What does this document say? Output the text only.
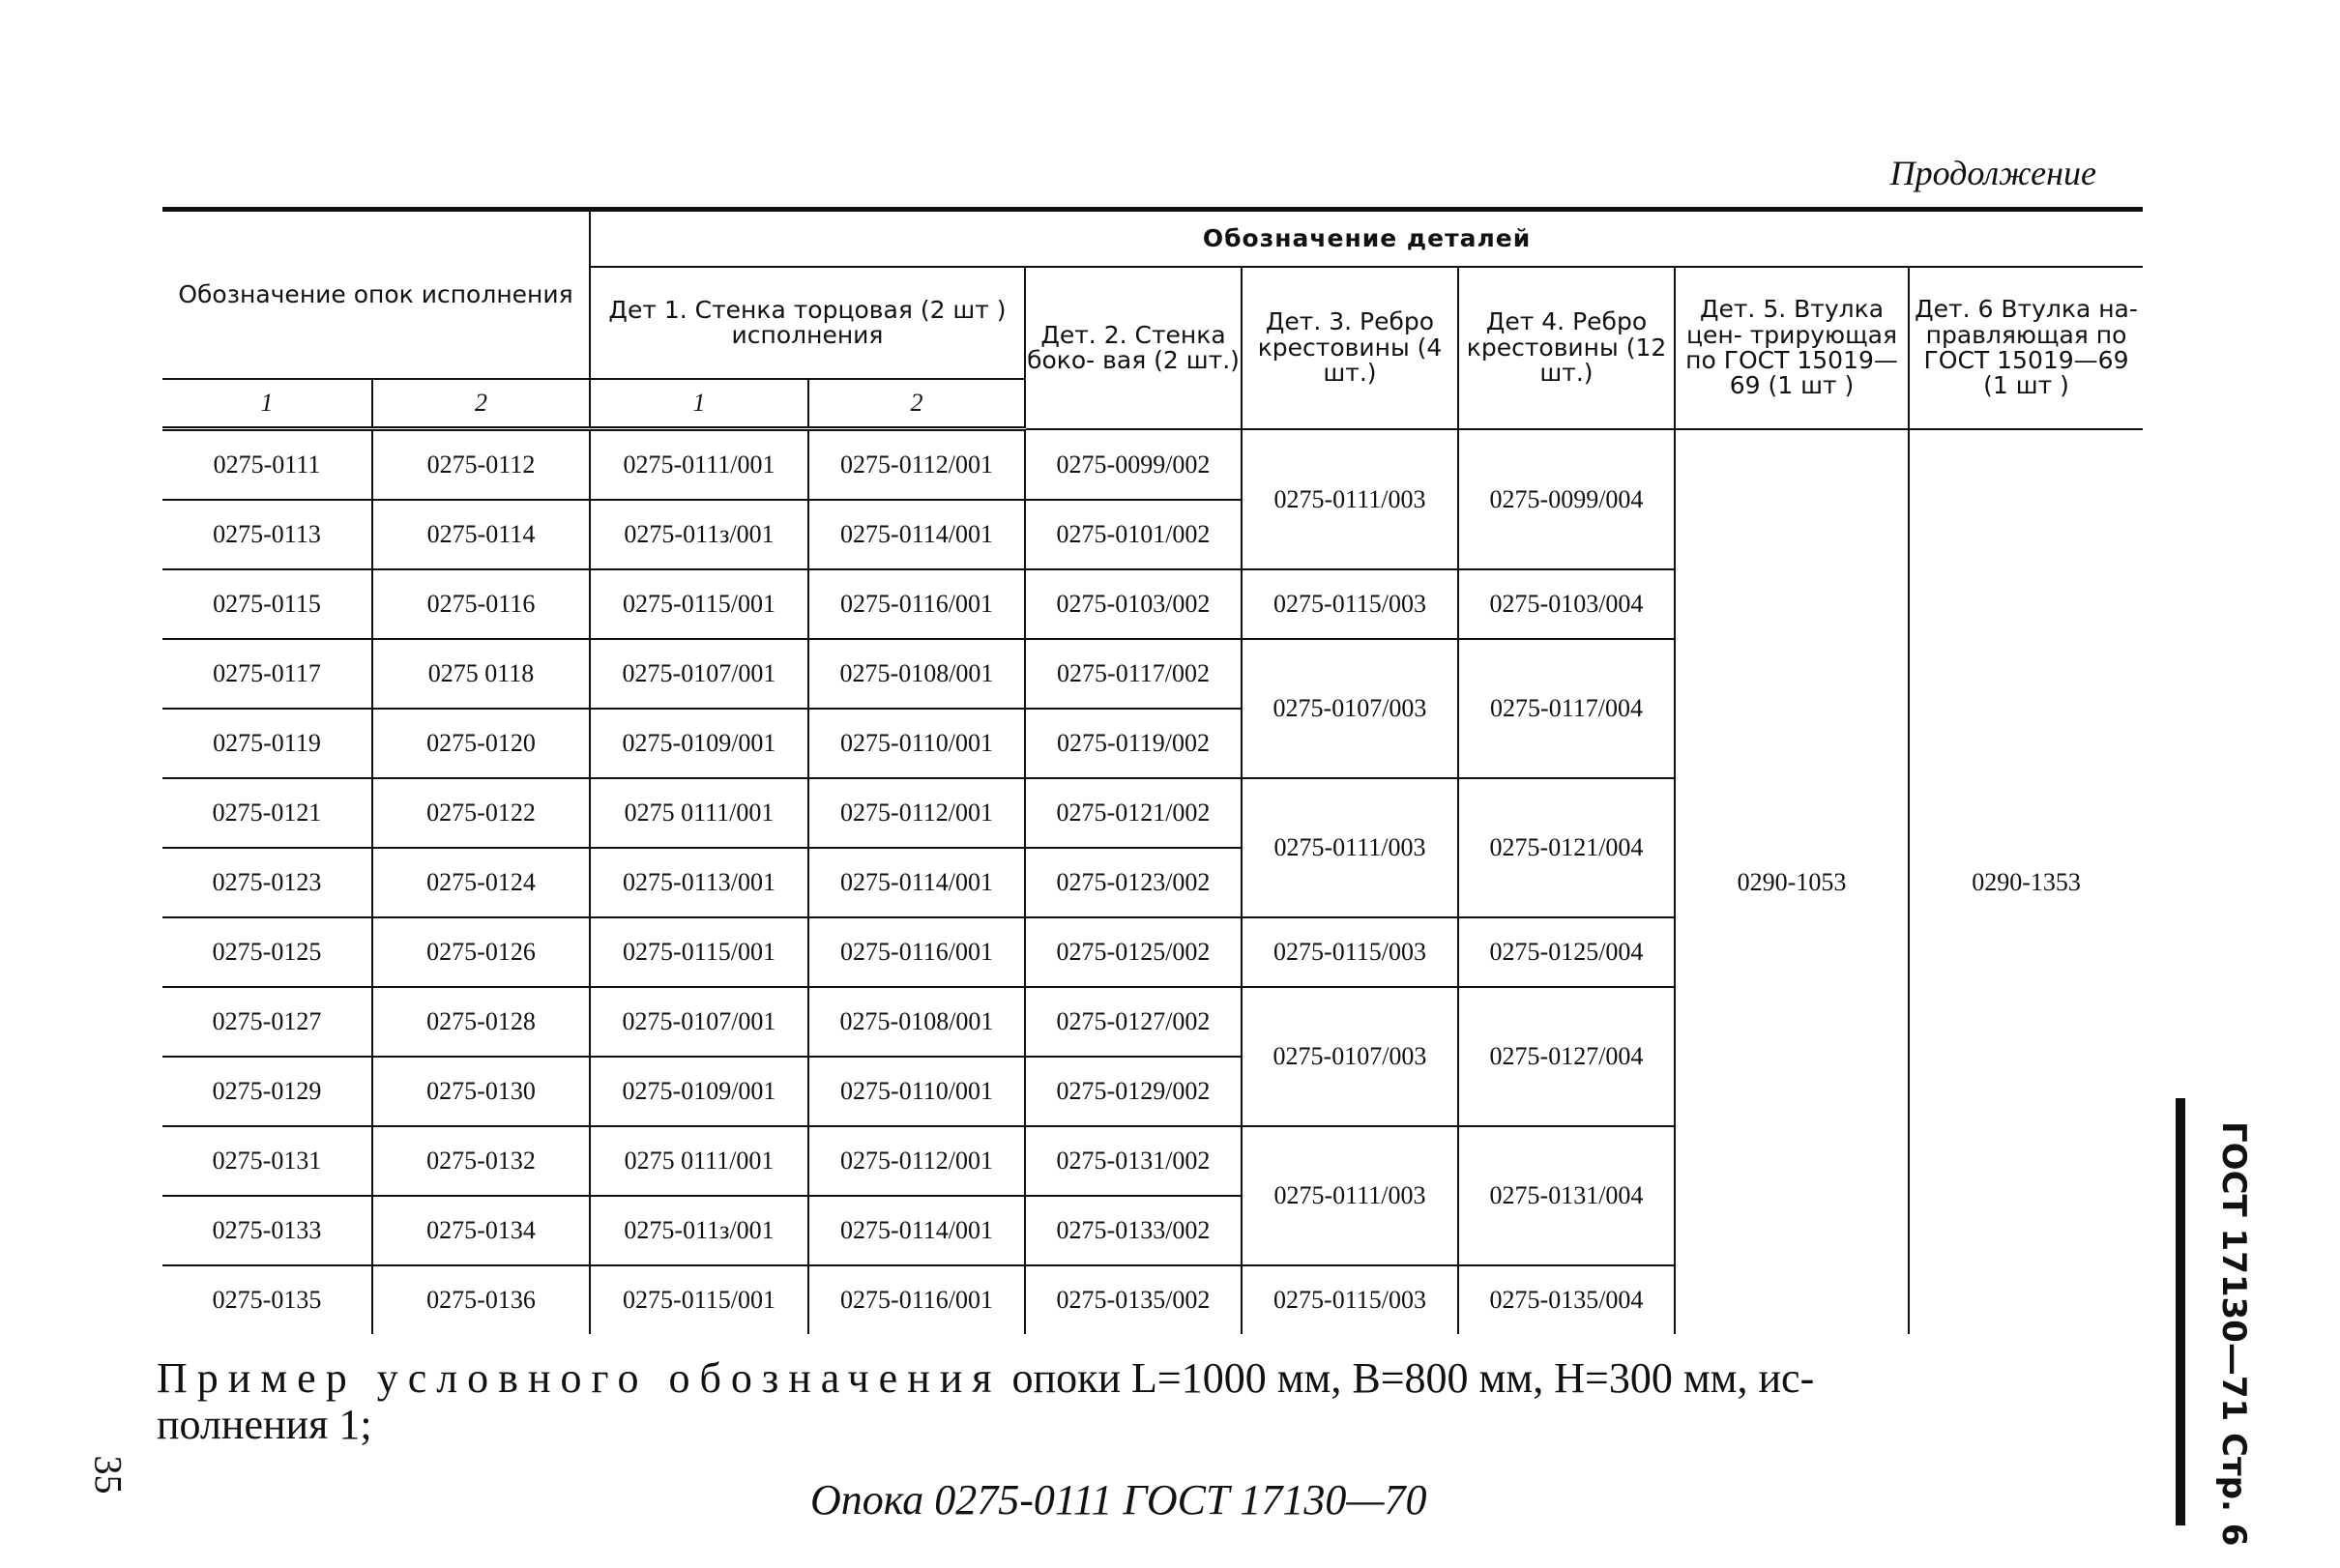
Продолжение
Обозначение опок исполнения		Обозначение деталей						
		Дет 1. Стенка торцовая (2 шт ) исполнения		Дет. 2. Стенка боко- вая (2 шт.)	Дет. 3. Ребро крестовины (4 шт.)	Дет 4. Ребро крестовины (12 шт.)	Дет. 5. Втулка цен- трирующая по ГОСТ 15019—69 (1 шт )	Дет. 6 Втулка на- правляющая по ГОСТ 15019—69 (1 шт )
1	2	1	2					
0275-0111	0275-0112	0275-0111/001	0275-0112/001	0275-0099/002	0275-0111/003	0275-0099/004	0290-1053	0290-1353
0275-0113	0275-0114	0275-011з/001	0275-0114/001	0275-0101/002				
0275-0115	0275-0116	0275-0115/001	0275-0116/001	0275-0103/002	0275-0115/003	0275-0103/004		
0275-0117	0275 0118	0275-0107/001	0275-0108/001	0275-0117/002	0275-0107/003	0275-0117/004		
0275-0119	0275-0120	0275-0109/001	0275-0110/001	0275-0119/002				
0275-0121	0275-0122	0275 0111/001	0275-0112/001	0275-0121/002	0275-0111/003	0275-0121/004		
0275-0123	0275-0124	0275-0113/001	0275-0114/001	0275-0123/002				
0275-0125	0275-0126	0275-0115/001	0275-0116/001	0275-0125/002	0275-0115/003	0275-0125/004		
0275-0127	0275-0128	0275-0107/001	0275-0108/001	0275-0127/002	0275-0107/003	0275-0127/004		
0275-0129	0275-0130	0275-0109/001	0275-0110/001	0275-0129/002				
0275-0131	0275-0132	0275 0111/001	0275-0112/001	0275-0131/002	0275-0111/003	0275-0131/004		
0275-0133	0275-0134	0275-011з/001	0275-0114/001	0275-0133/002				
0275-0135	0275-0136	0275-0115/001	0275-0116/001	0275-0135/002	0275-0115/003	0275-0135/004		
Пример условного обозначения опоки L=1000 мм, B=800 мм, H=300 мм, ис-
полнения 1;
Опока 0275-0111 ГОСТ 17130—70
35	ГОСТ 17130—71 Стр. 6
